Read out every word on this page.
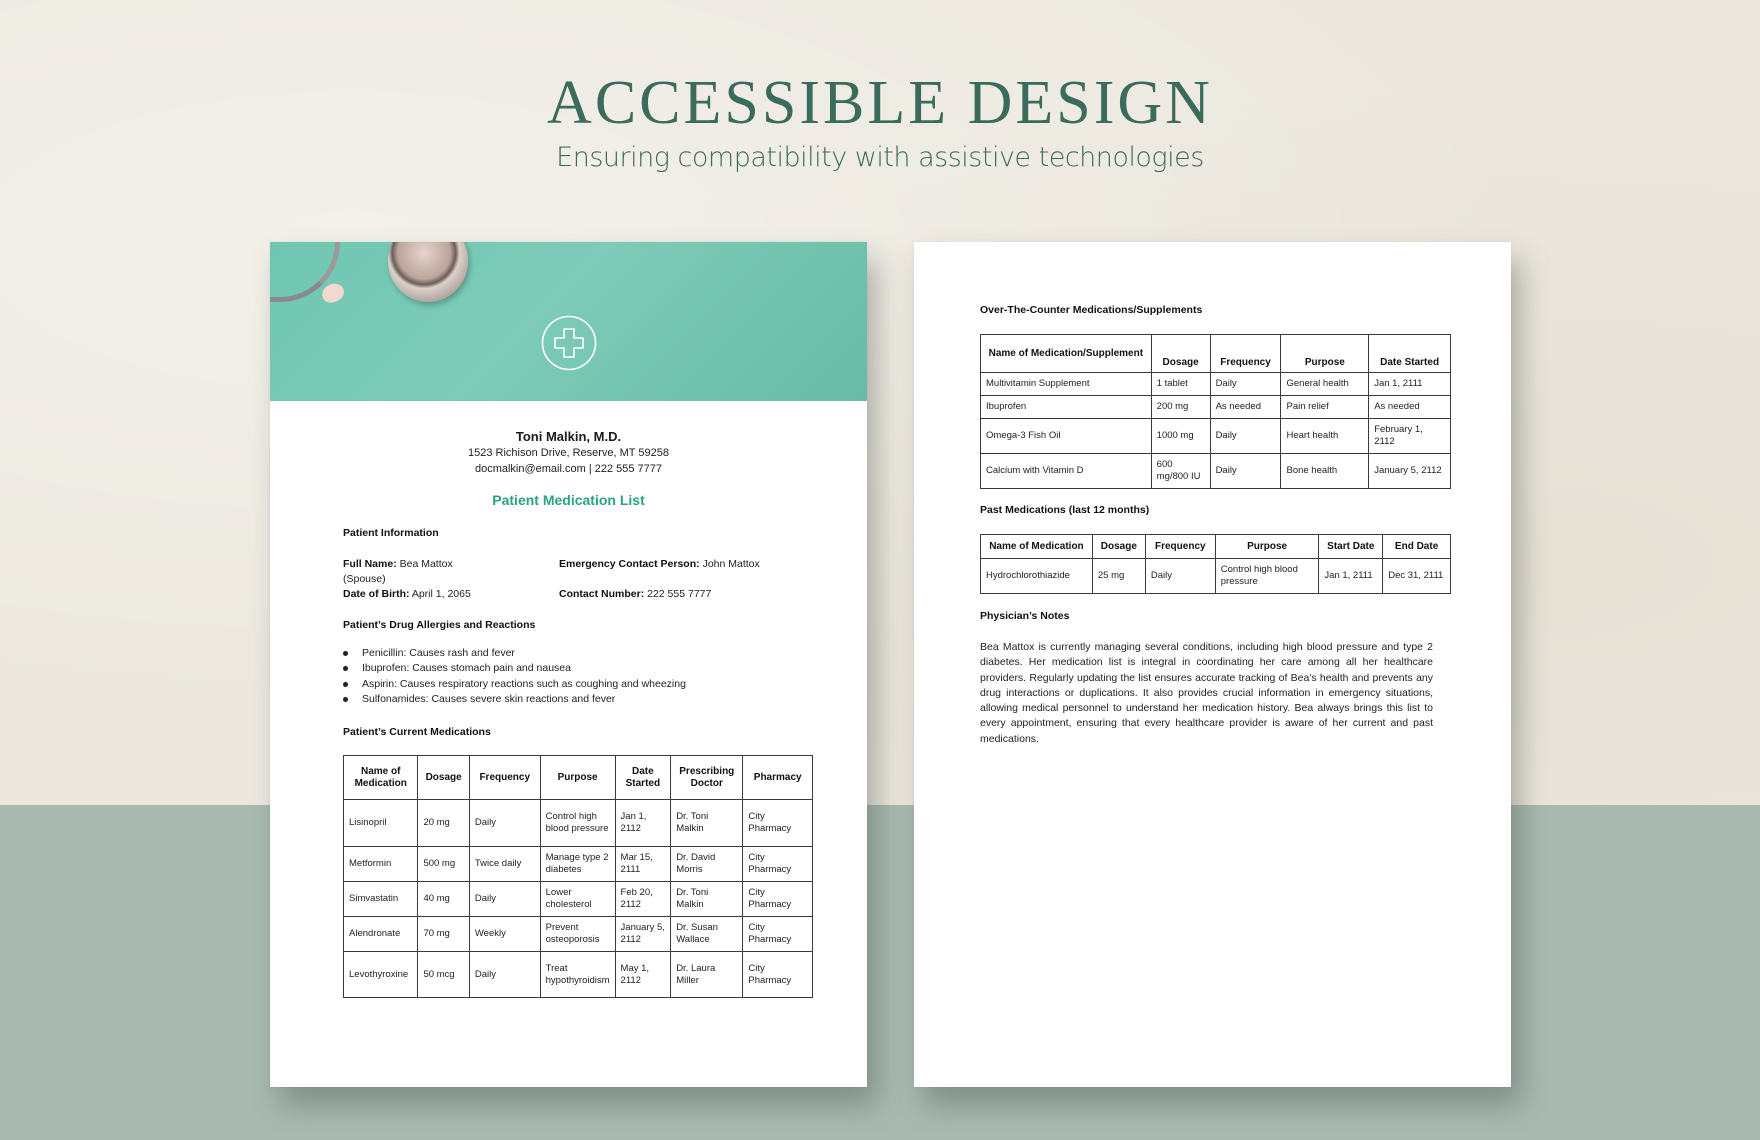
ACCESSIBLE DESIGN
Ensuring compatibility with assistive technologies
Toni Malkin, M.D.
1523 Richison Drive, Reserve, MT 59258
docmalkin@email.com | 222 555 7777
Patient Medication List
Patient Information
Full Name: Bea Mattox
(Spouse)
Date of Birth: April 1, 2065
Emergency Contact Person: John Mattox
Contact Number: 222 555 7777
Patient’s Drug Allergies and Reactions
Penicillin: Causes rash and fever
Ibuprofen: Causes stomach pain and nausea
Aspirin: Causes respiratory reactions such as coughing and wheezing
Sulfonamides: Causes severe skin reactions and fever
Patient’s Current Medications
Name of Medication	Dosage	Frequency	Purpose	Date Started	Prescribing Doctor	Pharmacy
Lisinopril	20 mg	Daily	Control high blood pressure	Jan 1, 2112	Dr. Toni Malkin	City Pharmacy
Metformin	500 mg	Twice daily	Manage type 2 diabetes	Mar 15, 2111	Dr. David Morris	City Pharmacy
Simvastatin	40 mg	Daily	Lower cholesterol	Feb 20, 2112	Dr. Toni Malkin	City Pharmacy
Alendronate	70 mg	Weekly	Prevent osteoporosis	January 5, 2112	Dr. Susan Wallace	City Pharmacy
Levothyroxine	50 mcg	Daily	Treat hypothyroidism	May 1, 2112	Dr. Laura Miller	City Pharmacy
Over-The-Counter Medications/Supplements
Name of Medication/Supplement	Dosage	Frequency	Purpose	Date Started
Multivitamin Supplement	1 tablet	Daily	General health	Jan 1, 2111
Ibuprofen	200 mg	As needed	Pain relief	As needed
Omega-3 Fish Oil	1000 mg	Daily	Heart health	February 1, 2112
Calcium with Vitamin D	600 mg/800 IU	Daily	Bone health	January 5, 2112
Past Medications (last 12 months)
Name of Medication	Dosage	Frequency	Purpose	Start Date	End Date
Hydrochlorothiazide	25 mg	Daily	Control high blood pressure	Jan 1, 2111	Dec 31, 2111
Physician’s Notes

Bea Mattox is currently managing several conditions, including high blood pressure and type 2 diabetes. Her medication list is integral in coordinating her care among all her healthcare providers. Regularly updating the list ensures accurate tracking of Bea's health and prevents any drug interactions or duplications. It also provides crucial information in emergency situations, allowing medical personnel to understand her medication history. Bea always brings this list to every appointment, ensuring that every healthcare provider is aware of her current and past medications.
